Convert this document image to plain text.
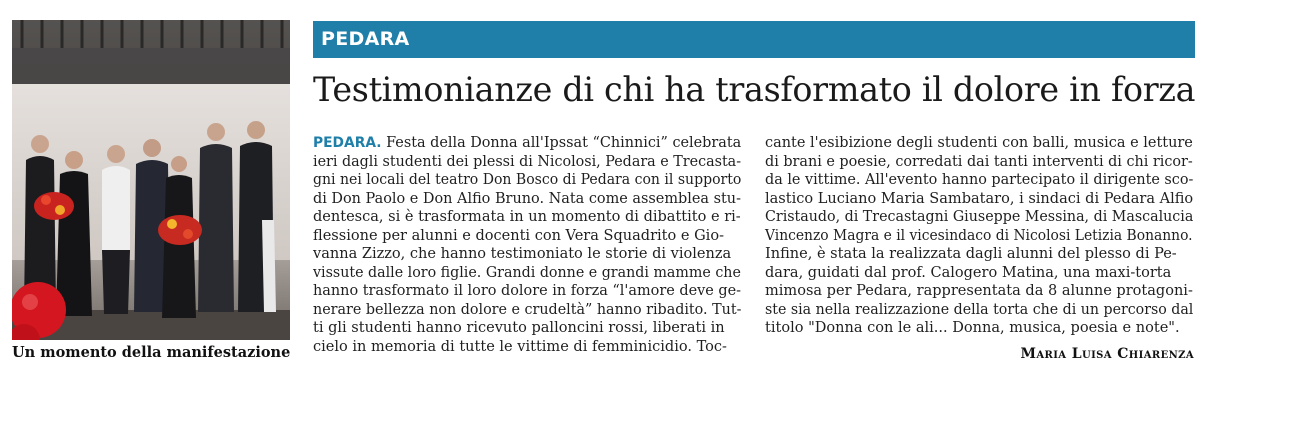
Un momento della manifestazione
PEDARA
Testimonianze di chi ha trasformato il dolore in forza
PEDARA. Festa della Donna all'Ipssat “Chinnici” celebrata
ieri dagli studenti dei plessi di Nicolosi, Pedara e Trecasta-
gni nei locali del teatro Don Bosco di Pedara con il supporto
di Don Paolo e Don Alfio Bruno. Nata come assemblea stu-
dentesca, si è trasformata in un momento di dibattito e ri-
flessione per alunni e docenti con Vera Squadrito e Gio-
vanna Zizzo, che hanno testimoniato le storie di violenza
vissute dalle loro figlie. Grandi donne e grandi mamme che
hanno trasformato il loro dolore in forza “l'amore deve ge-
nerare bellezza non dolore e crudeltà” hanno ribadito. Tut-
ti gli studenti hanno ricevuto palloncini rossi, liberati in
cielo in memoria di tutte le vittime di femminicidio. Toc-
cante l'esibizione degli studenti con balli, musica e letture
di brani e poesie, corredati dai tanti interventi di chi ricor-
da le vittime. All'evento hanno partecipato il dirigente sco-
lastico Luciano Maria Sambataro, i sindaci di Pedara Alfio
Cristaudo, di Trecastagni Giuseppe Messina, di Mascalucia
Vincenzo Magra e il vicesindaco di Nicolosi Letizia Bonanno.
Infine, è stata la realizzata dagli alunni del plesso di Pe-
dara, guidati dal prof. Calogero Matina, una maxi-torta
mimosa per Pedara, rappresentata da 8 alunne protagoni-
ste sia nella realizzazione della torta che di un percorso dal
titolo "Donna con le ali... Donna, musica, poesia e note".
Maria Luisa Chiarenza
